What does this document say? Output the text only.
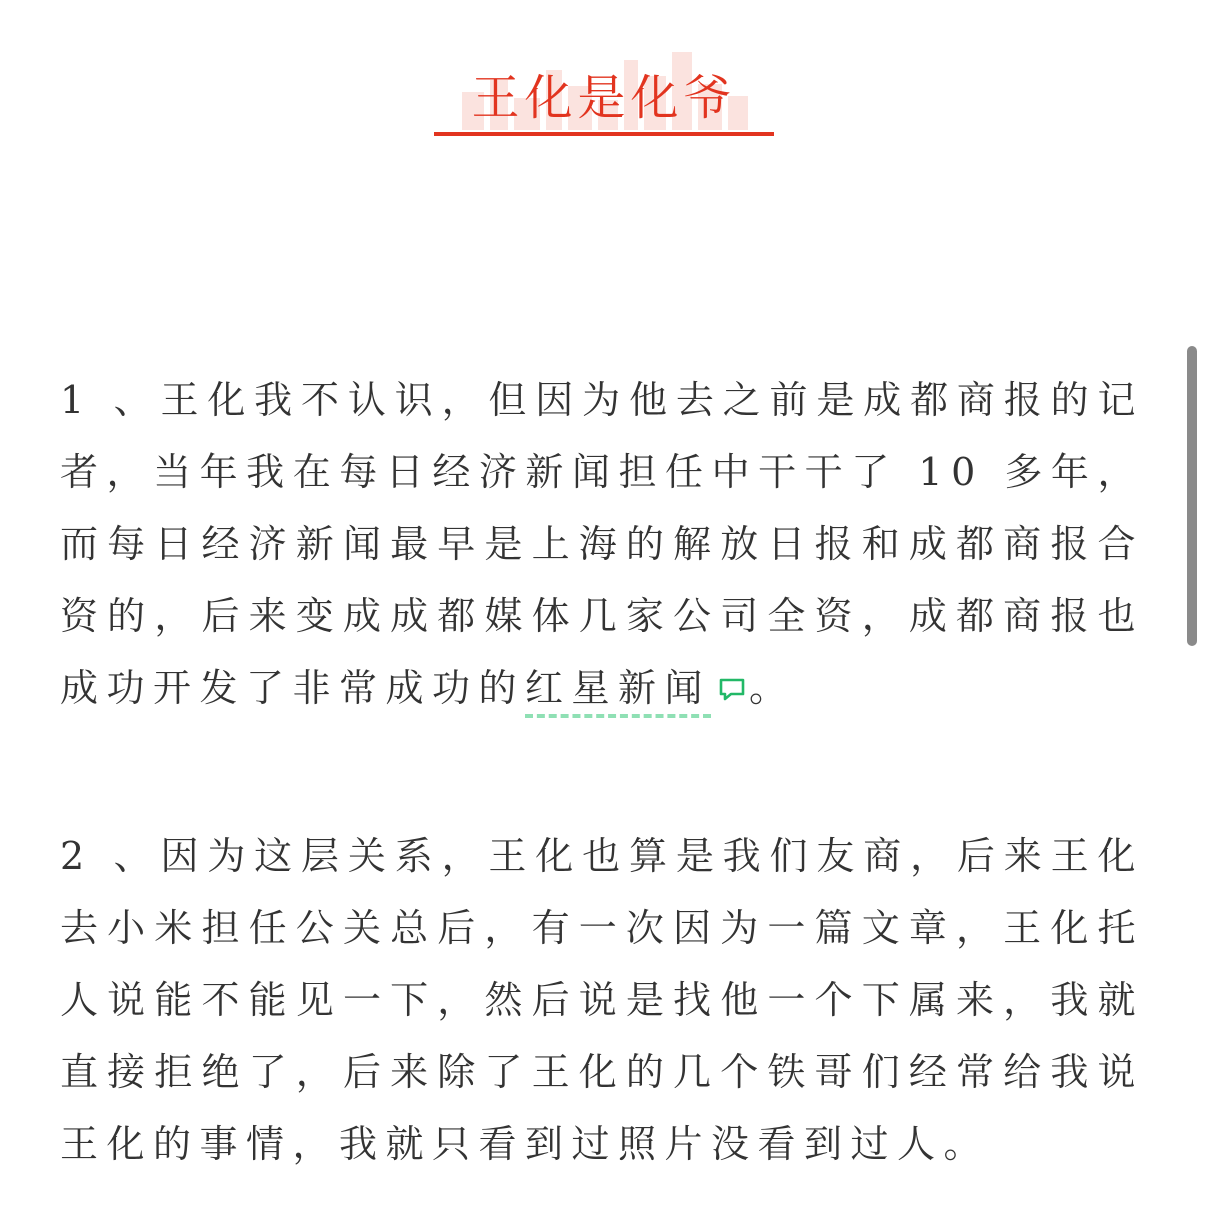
王化是化爷

1 、王化我不认识，但因为他去之前是成都商报的记者，当年我在每日经济新闻担任中干干了 10 多年，而每日经济新闻最早是上海的解放日报和成都商报合资的，后来变成成都媒体几家公司全资，成都商报也成功开发了非常成功的红星新闻 。

2 、因为这层关系，王化也算是我们友商，后来王化去小米担任公关总后，有一次因为一篇文章，王化托人说能不能见一下，然后说是找他一个下属来，我就直接拒绝了，后来除了王化的几个铁哥们经常给我说王化的事情，我就只看到过照片没看到过人。
